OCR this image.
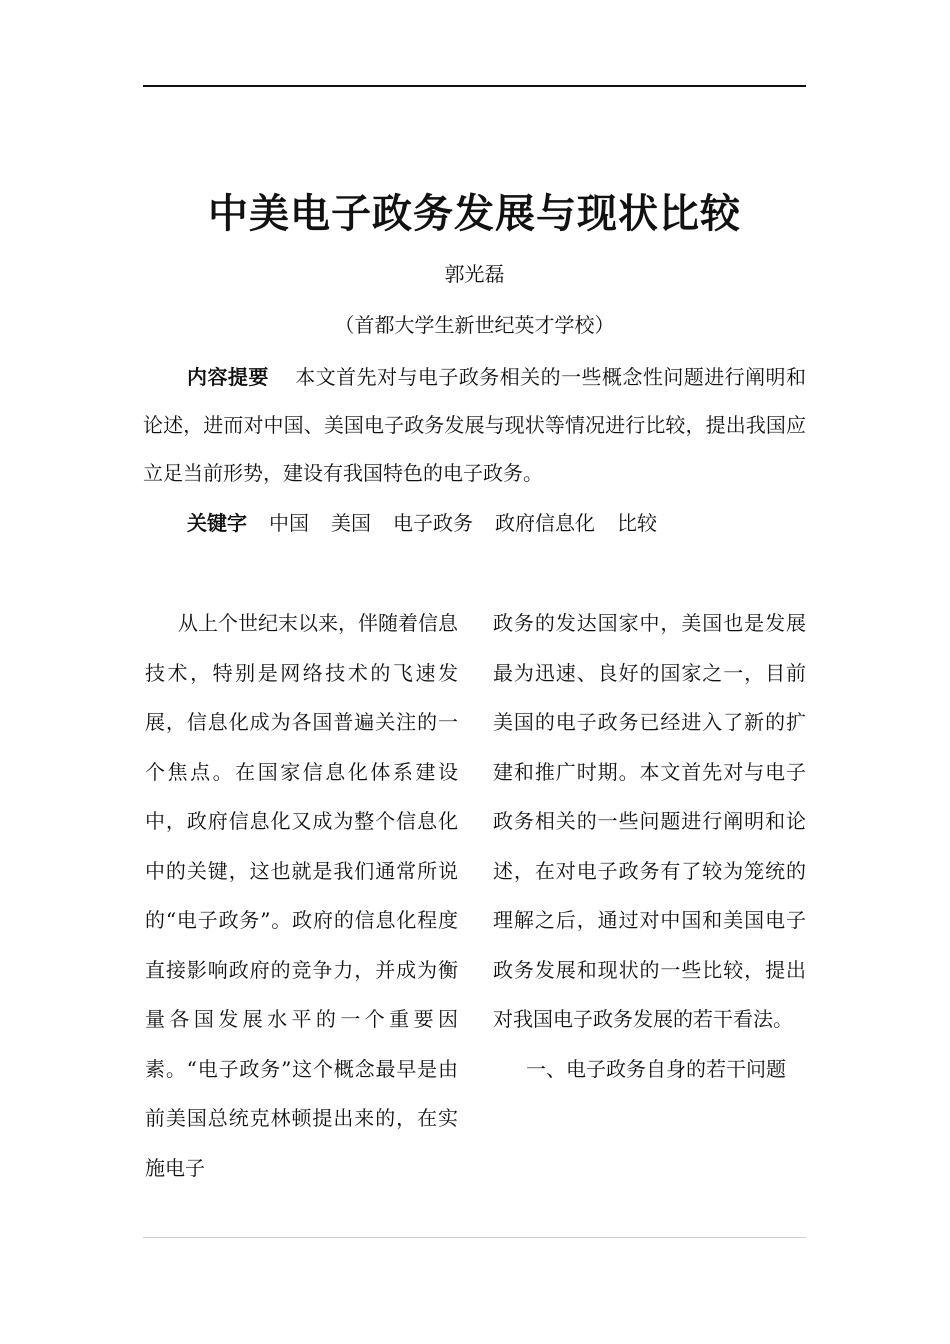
中美电子政务发展与现状比较
郭光磊
（首都大学生新世纪英才学校）

内容提要 本文首先对与电子政务相关的一些概念性问题进行阐明和论述，进而对中国、美国电子政务发展与现状等情况进行比较，提出我国应立足当前形势，建设有我国特色的电子政务。

关键字 中国 美国 电子政务 政府信息化 比较

从上个世纪末以来，伴随着信息技术，特别是网络技术的飞速发展，信息化成为各国普遍关注的一个焦点。在国家信息化体系建设中，政府信息化又成为整个信息化中的关键，这也就是我们通常所说的“电子政务”。政府的信息化程度直接影响政府的竞争力，并成为衡量各国发展水平的一个重要因素。“电子政务”这个概念最早是由前美国总统克林顿提出来的，在实施电子

政务的发达国家中，美国也是发展最为迅速、良好的国家之一，目前美国的电子政务已经进入了新的扩建和推广时期。本文首先对与电子政务相关的一些问题进行阐明和论述，在对电子政务有了较为笼统的理解之后，通过对中国和美国电子政务发展和现状的一些比较，提出对我国电子政务发展的若干看法。

一、电子政务自身的若干问题
